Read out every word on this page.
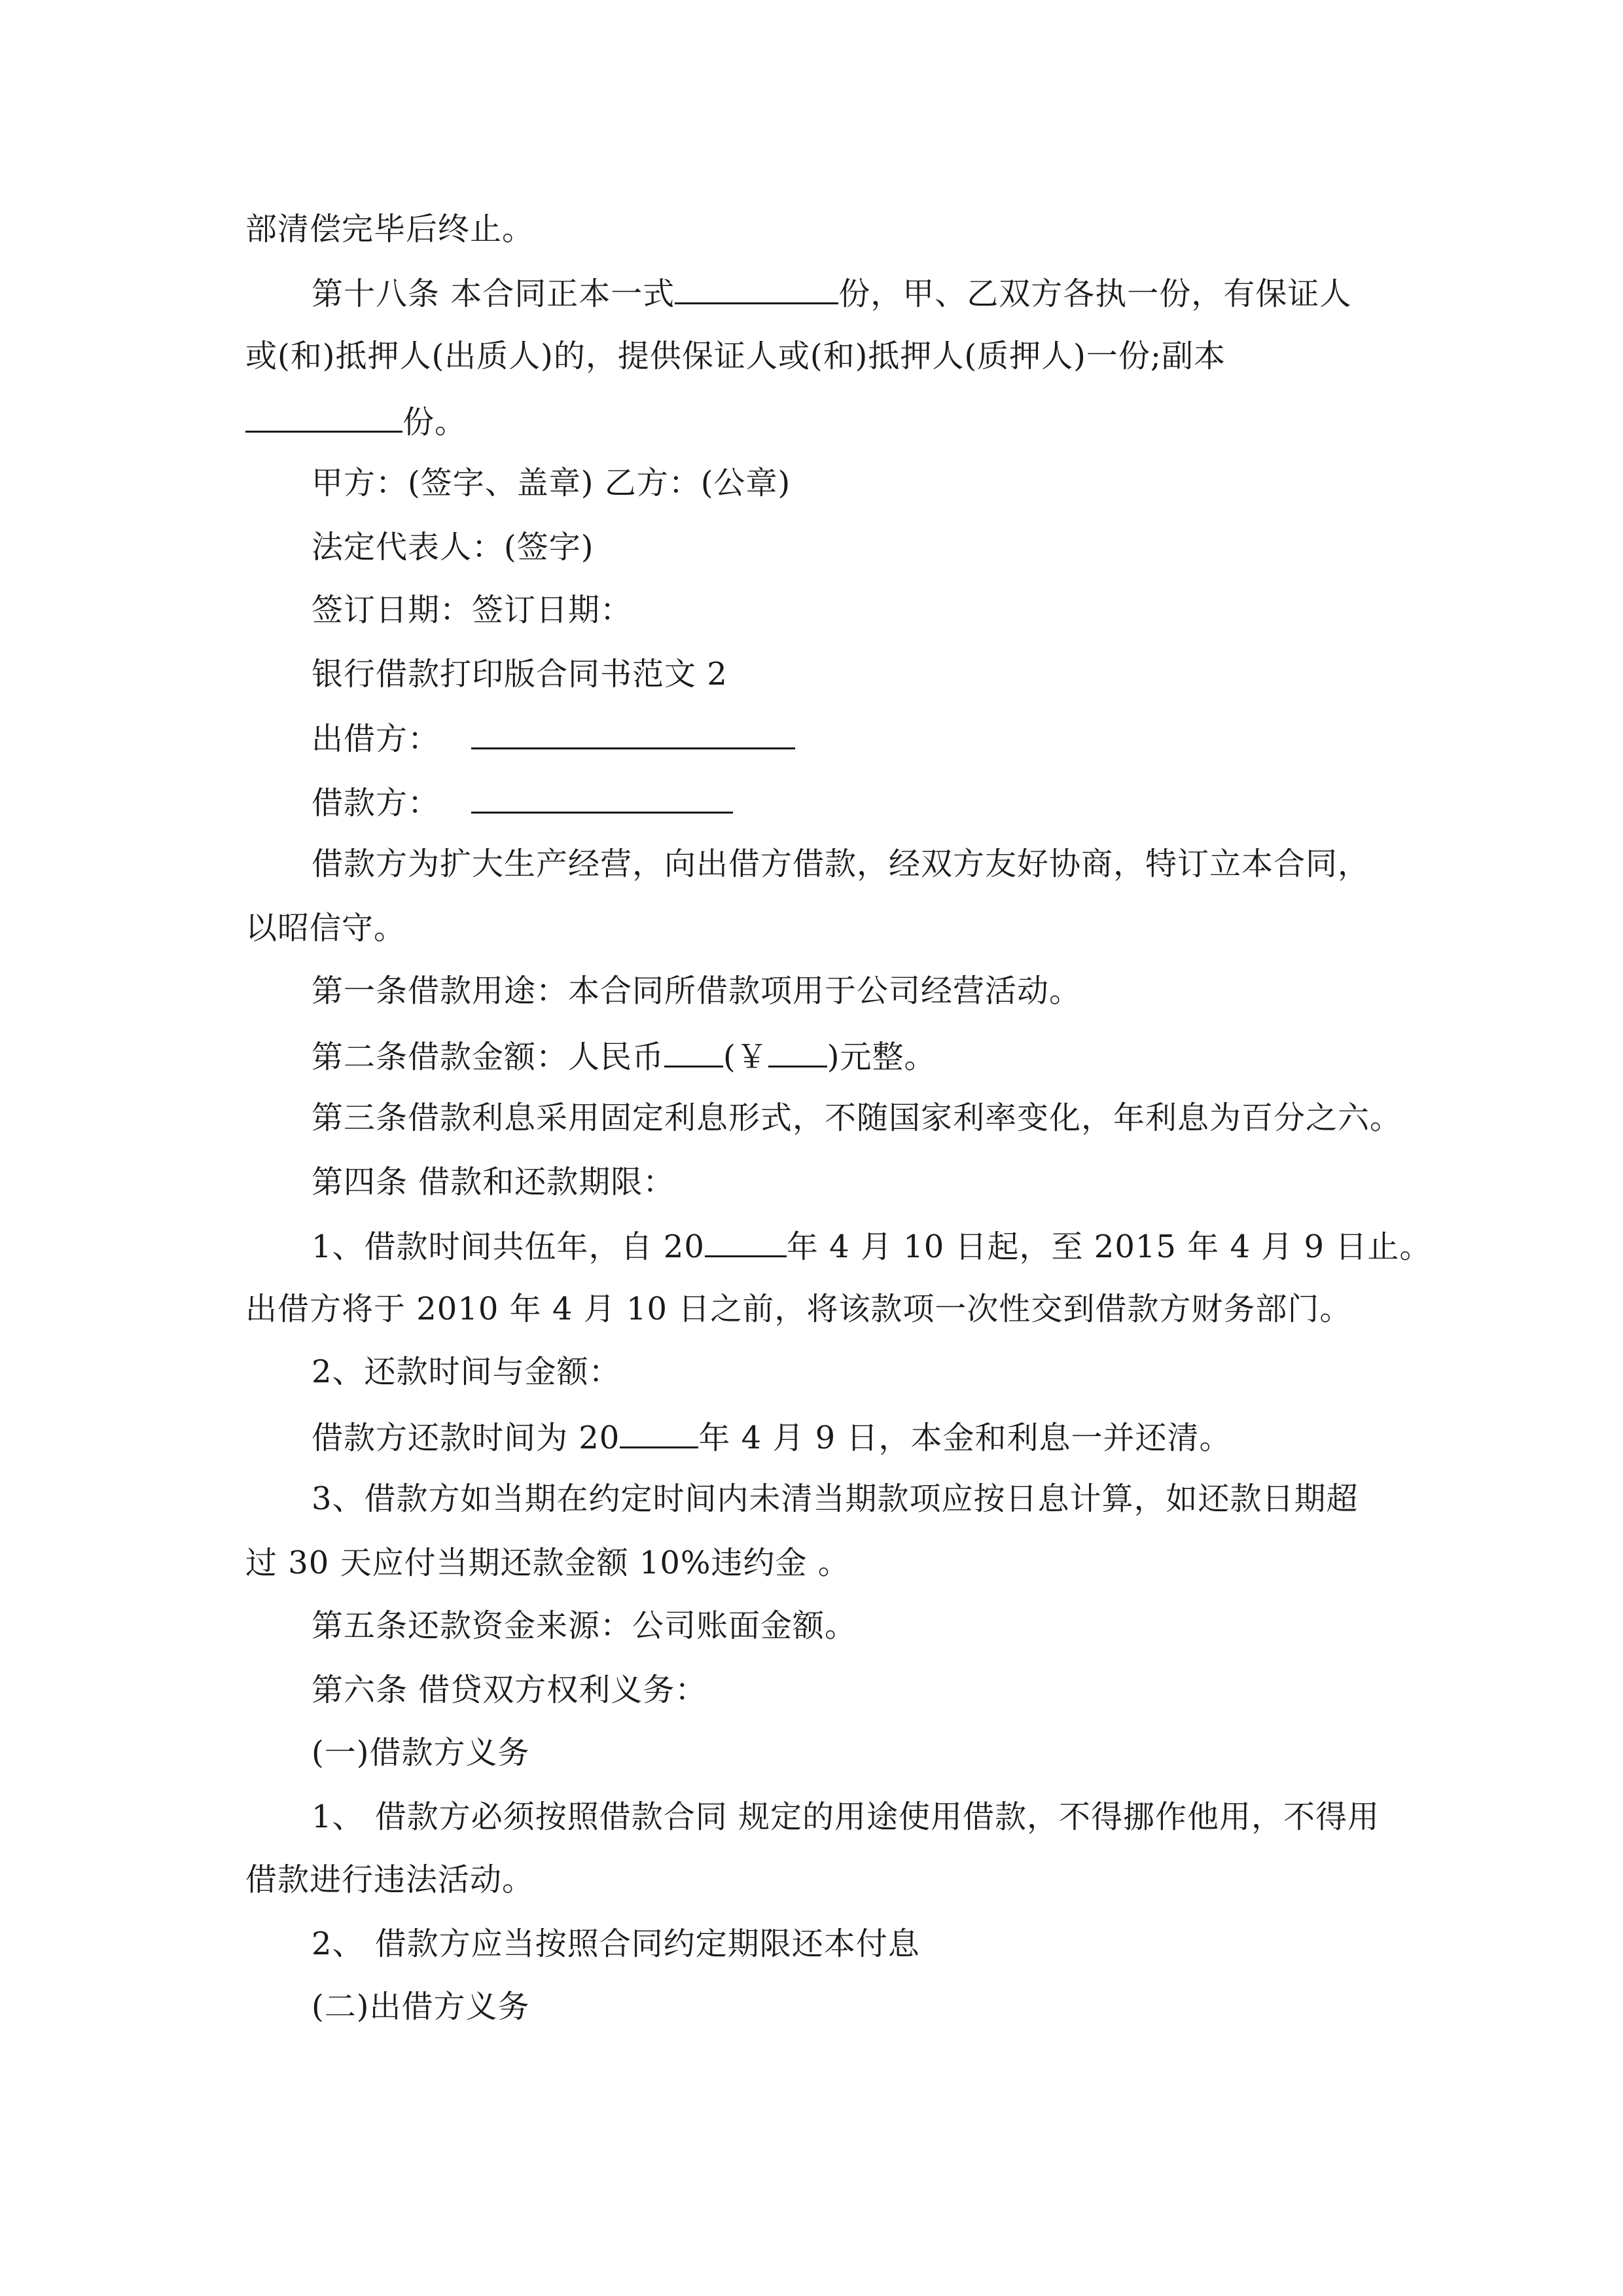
部清偿完毕后终止。
第十八条 本合同正本一式	份，甲、乙双方各执一份，有保证人
或(和)抵押人(出质人)的，提供保证人或(和)抵押人(质押人)一份;副本
份。
甲方：(签字、盖章) 乙方：(公章)
法定代表人：(签字)
签订日期：签订日期：
银行借款打印版合同书范文 2
出借方：
借款方：
借款方为扩大生产经营，向出借方借款，经双方友好协商，特订立本合同，
以昭信守。
第一条借款用途：本合同所借款项用于公司经营活动。
第二条借款金额：人民币 (￥ )元整。
第三条借款利息采用固定利息形式，不随国家利率变化，年利息为百分之六。
第四条 借款和还款期限：
1、借款时间共伍年，自 20	年 4 月 10 日起，至 2015 年 4 月 9 日止。
出借方将于 2010 年 4 月 10 日之前，将该款项一次性交到借款方财务部门。
2、还款时间与金额：
借款方还款时间为 20	年 4 月 9 日，本金和利息一并还清。
3、借款方如当期在约定时间内未清当期款项应按日息计算，如还款日期超
过 30 天应付当期还款金额 10%违约金 。
第五条还款资金来源：公司账面金额。
第六条 借贷双方权利义务：
(一)借款方义务
1、 借款方必须按照借款合同 规定的用途使用借款，不得挪作他用，不得用
借款进行违法活动。
2、 借款方应当按照合同约定期限还本付息
(二)出借方义务
